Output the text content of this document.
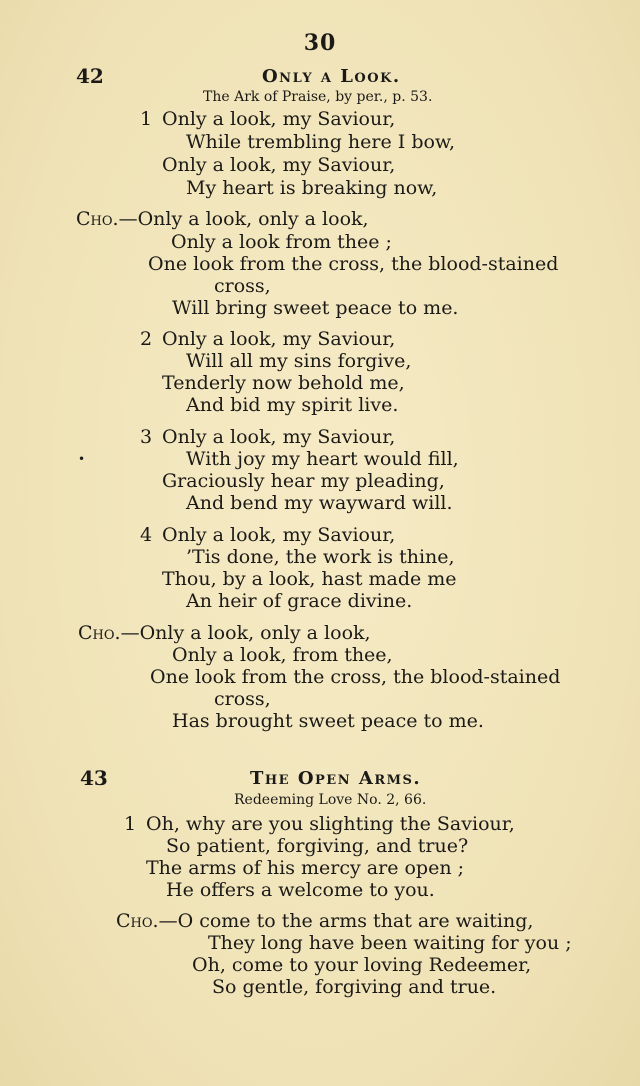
30
42	Only a Look.
The Ark of Praise, by per., p. 53.
1 Only a look, my Saviour,
While trembling here I bow,
Only a look, my Saviour,
My heart is breaking now,
Cho.—Only a look, only a look,
Only a look from thee ;
One look from the cross, the blood-stained
cross,
Will bring sweet peace to me.
2 Only a look, my Saviour,
Will all my sins forgive,
Tenderly now behold me,
And bid my spirit live.
3 Only a look, my Saviour,
•	With joy my heart would fill,
Graciously hear my pleading,
And bend my wayward will.
4 Only a look, my Saviour,
’Tis done, the work is thine,
Thou, by a look, hast made me
An heir of grace divine.
Cho.—Only a look, only a look,
Only a look, from thee,
One look from the cross, the blood-stained
cross,
Has brought sweet peace to me.
43	The Open Arms.
Redeeming Love No. 2, 66.
1 Oh, why are you slighting the Saviour,
So patient, forgiving, and true?
The arms of his mercy are open ;
He offers a welcome to you.
Cho.—O come to the arms that are waiting,
They long have been waiting for you ;
Oh, come to your loving Redeemer,
So gentle, forgiving and true.
